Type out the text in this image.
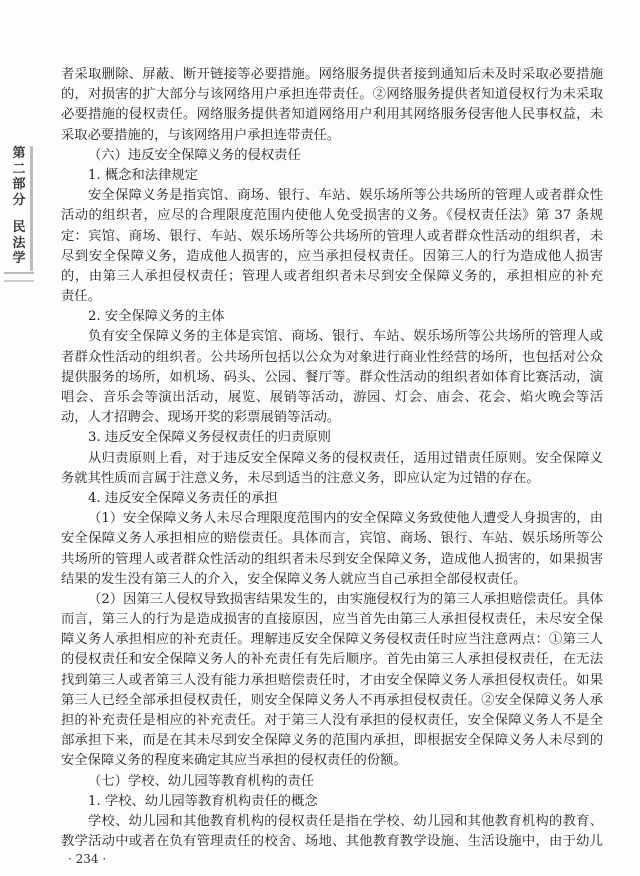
第二部分
民法学
者采取删除、屏蔽、断开链接等必要措施。网络服务提供者接到通知后未及时采取必要措施
的，对损害的扩大部分与该网络用户承担连带责任。②网络服务提供者知道侵权行为未采取
必要措施的侵权责任。网络服务提供者知道网络用户利用其网络服务侵害他人民事权益，未
采取必要措施的，与该网络用户承担连带责任。
（六）违反安全保障义务的侵权责任
1. 概念和法律规定
安全保障义务是指宾馆、商场、银行、车站、娱乐场所等公共场所的管理人或者群众性
活动的组织者，应尽的合理限度范围内使他人免受损害的义务。《侵权责任法》第 37 条规
定：宾馆、商场、银行、车站、娱乐场所等公共场所的管理人或者群众性活动的组织者，未
尽到安全保障义务，造成他人损害的，应当承担侵权责任。因第三人的行为造成他人损害
的，由第三人承担侵权责任；管理人或者组织者未尽到安全保障义务的，承担相应的补充
责任。
2. 安全保障义务的主体
负有安全保障义务的主体是宾馆、商场、银行、车站、娱乐场所等公共场所的管理人或
者群众性活动的组织者。公共场所包括以公众为对象进行商业性经营的场所，也包括对公众
提供服务的场所，如机场、码头、公园、餐厅等。群众性活动的组织者如体育比赛活动，演
唱会、音乐会等演出活动，展览、展销等活动，游园、灯会、庙会、花会、焰火晚会等活
动，人才招聘会、现场开奖的彩票展销等活动。
3. 违反安全保障义务侵权责任的归责原则
从归责原则上看，对于违反安全保障义务的侵权责任，适用过错责任原则。安全保障义
务就其性质而言属于注意义务，未尽到适当的注意义务，即应认定为过错的存在。
4. 违反安全保障义务责任的承担
（1）安全保障义务人未尽合理限度范围内的安全保障义务致使他人遭受人身损害的，由
安全保障义务人承担相应的赔偿责任。具体而言，宾馆、商场、银行、车站、娱乐场所等公
共场所的管理人或者群众性活动的组织者未尽到安全保障义务，造成他人损害的，如果损害
结果的发生没有第三人的介入，安全保障义务人就应当自己承担全部侵权责任。
（2）因第三人侵权导致损害结果发生的，由实施侵权行为的第三人承担赔偿责任。具体
而言，第三人的行为是造成损害的直接原因，应当首先由第三人承担侵权责任，未尽安全保
障义务人承担相应的补充责任。理解违反安全保障义务侵权责任时应当注意两点：①第三人
的侵权责任和安全保障义务人的补充责任有先后顺序。首先由第三人承担侵权责任，在无法
找到第三人或者第三人没有能力承担赔偿责任时，才由安全保障义务人承担侵权责任。如果
第三人已经全部承担侵权责任，则安全保障义务人不再承担侵权责任。②安全保障义务人承
担的补充责任是相应的补充责任。对于第三人没有承担的侵权责任，安全保障义务人不是全
部承担下来，而是在其未尽到安全保障义务的范围内承担，即根据安全保障义务人未尽到的
安全保障义务的程度来确定其应当承担的侵权责任的份额。
（七）学校、幼儿园等教育机构的责任
1. 学校、幼儿园等教育机构责任的概念
学校、幼儿园和其他教育机构的侵权责任是指在学校、幼儿园和其他教育机构的教育、
教学活动中或者在负有管理责任的校舍、场地、其他教育教学设施、生活设施中，由于幼儿
· 234 ·
